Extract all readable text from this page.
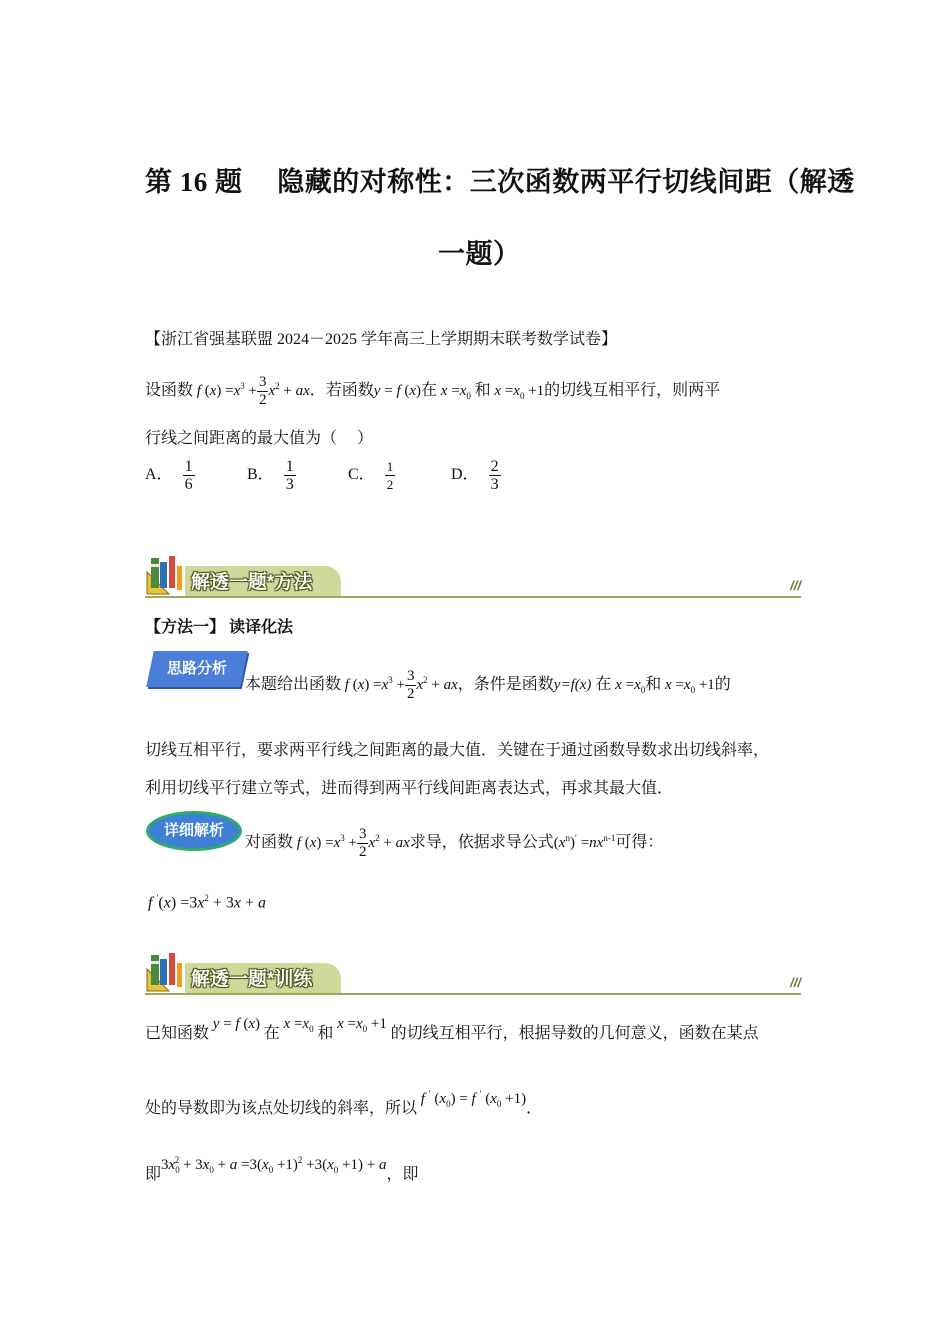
第 16 题　 隐藏的对称性：三次函数两平行切线间距（解透
一题）
【浙江省强基联盟 2024－2025 学年高三上学期期末联考数学试卷】
设函数 f $(x) =x^3 + \frac{3}{2} x^2$ + ax．若函数y = f (x)在 $x =x_0$ 和 $x =x_0 +1$的切线互相平行，则两平
行线之间距离的最大值为（　 ）
A． $\frac{1}{6}$	B． $\frac{1}{3}$	C． $\frac{1}{2}$	D． $\frac{2}{3}$
解透一题*方法	///
【方法一】 读译化法
思路分析
本题给出函数 f $(x) =x^3 + \frac{3}{2} x^2$ + ax，条件是函数y=f(x) 在 $x =x_0$和 $x =x_0 +1$的
切线互相平行，要求两平行线之间距离的最大值．关键在于通过函数导数求出切线斜率，
利用切线平行建立等式，进而得到两平行线间距离表达式，再求其最大值．
详细解析
对函数 f $(x) =x^3 + \frac{3}{2} x^2$ + ax求导，依据求导公式$(x^n)' =nx^{n-1}$可得：
f $'(x) =3x^2 + 3x + a$
解透一题*训练	///
已知函数 y = f (x) 在 $x =x_0$ 和 $x =x_0 +1$ 的切线互相平行，根据导数的几何意义，函数在某点
处的导数即为该点处切线的斜率，所以 f ′ $(x_0) = f$ ′ $(x_0 +1)$．
即$3x_0^2 + 3x_0 + a =3(x_0 +1)^2 +3(x_0 +1) + a$，即
